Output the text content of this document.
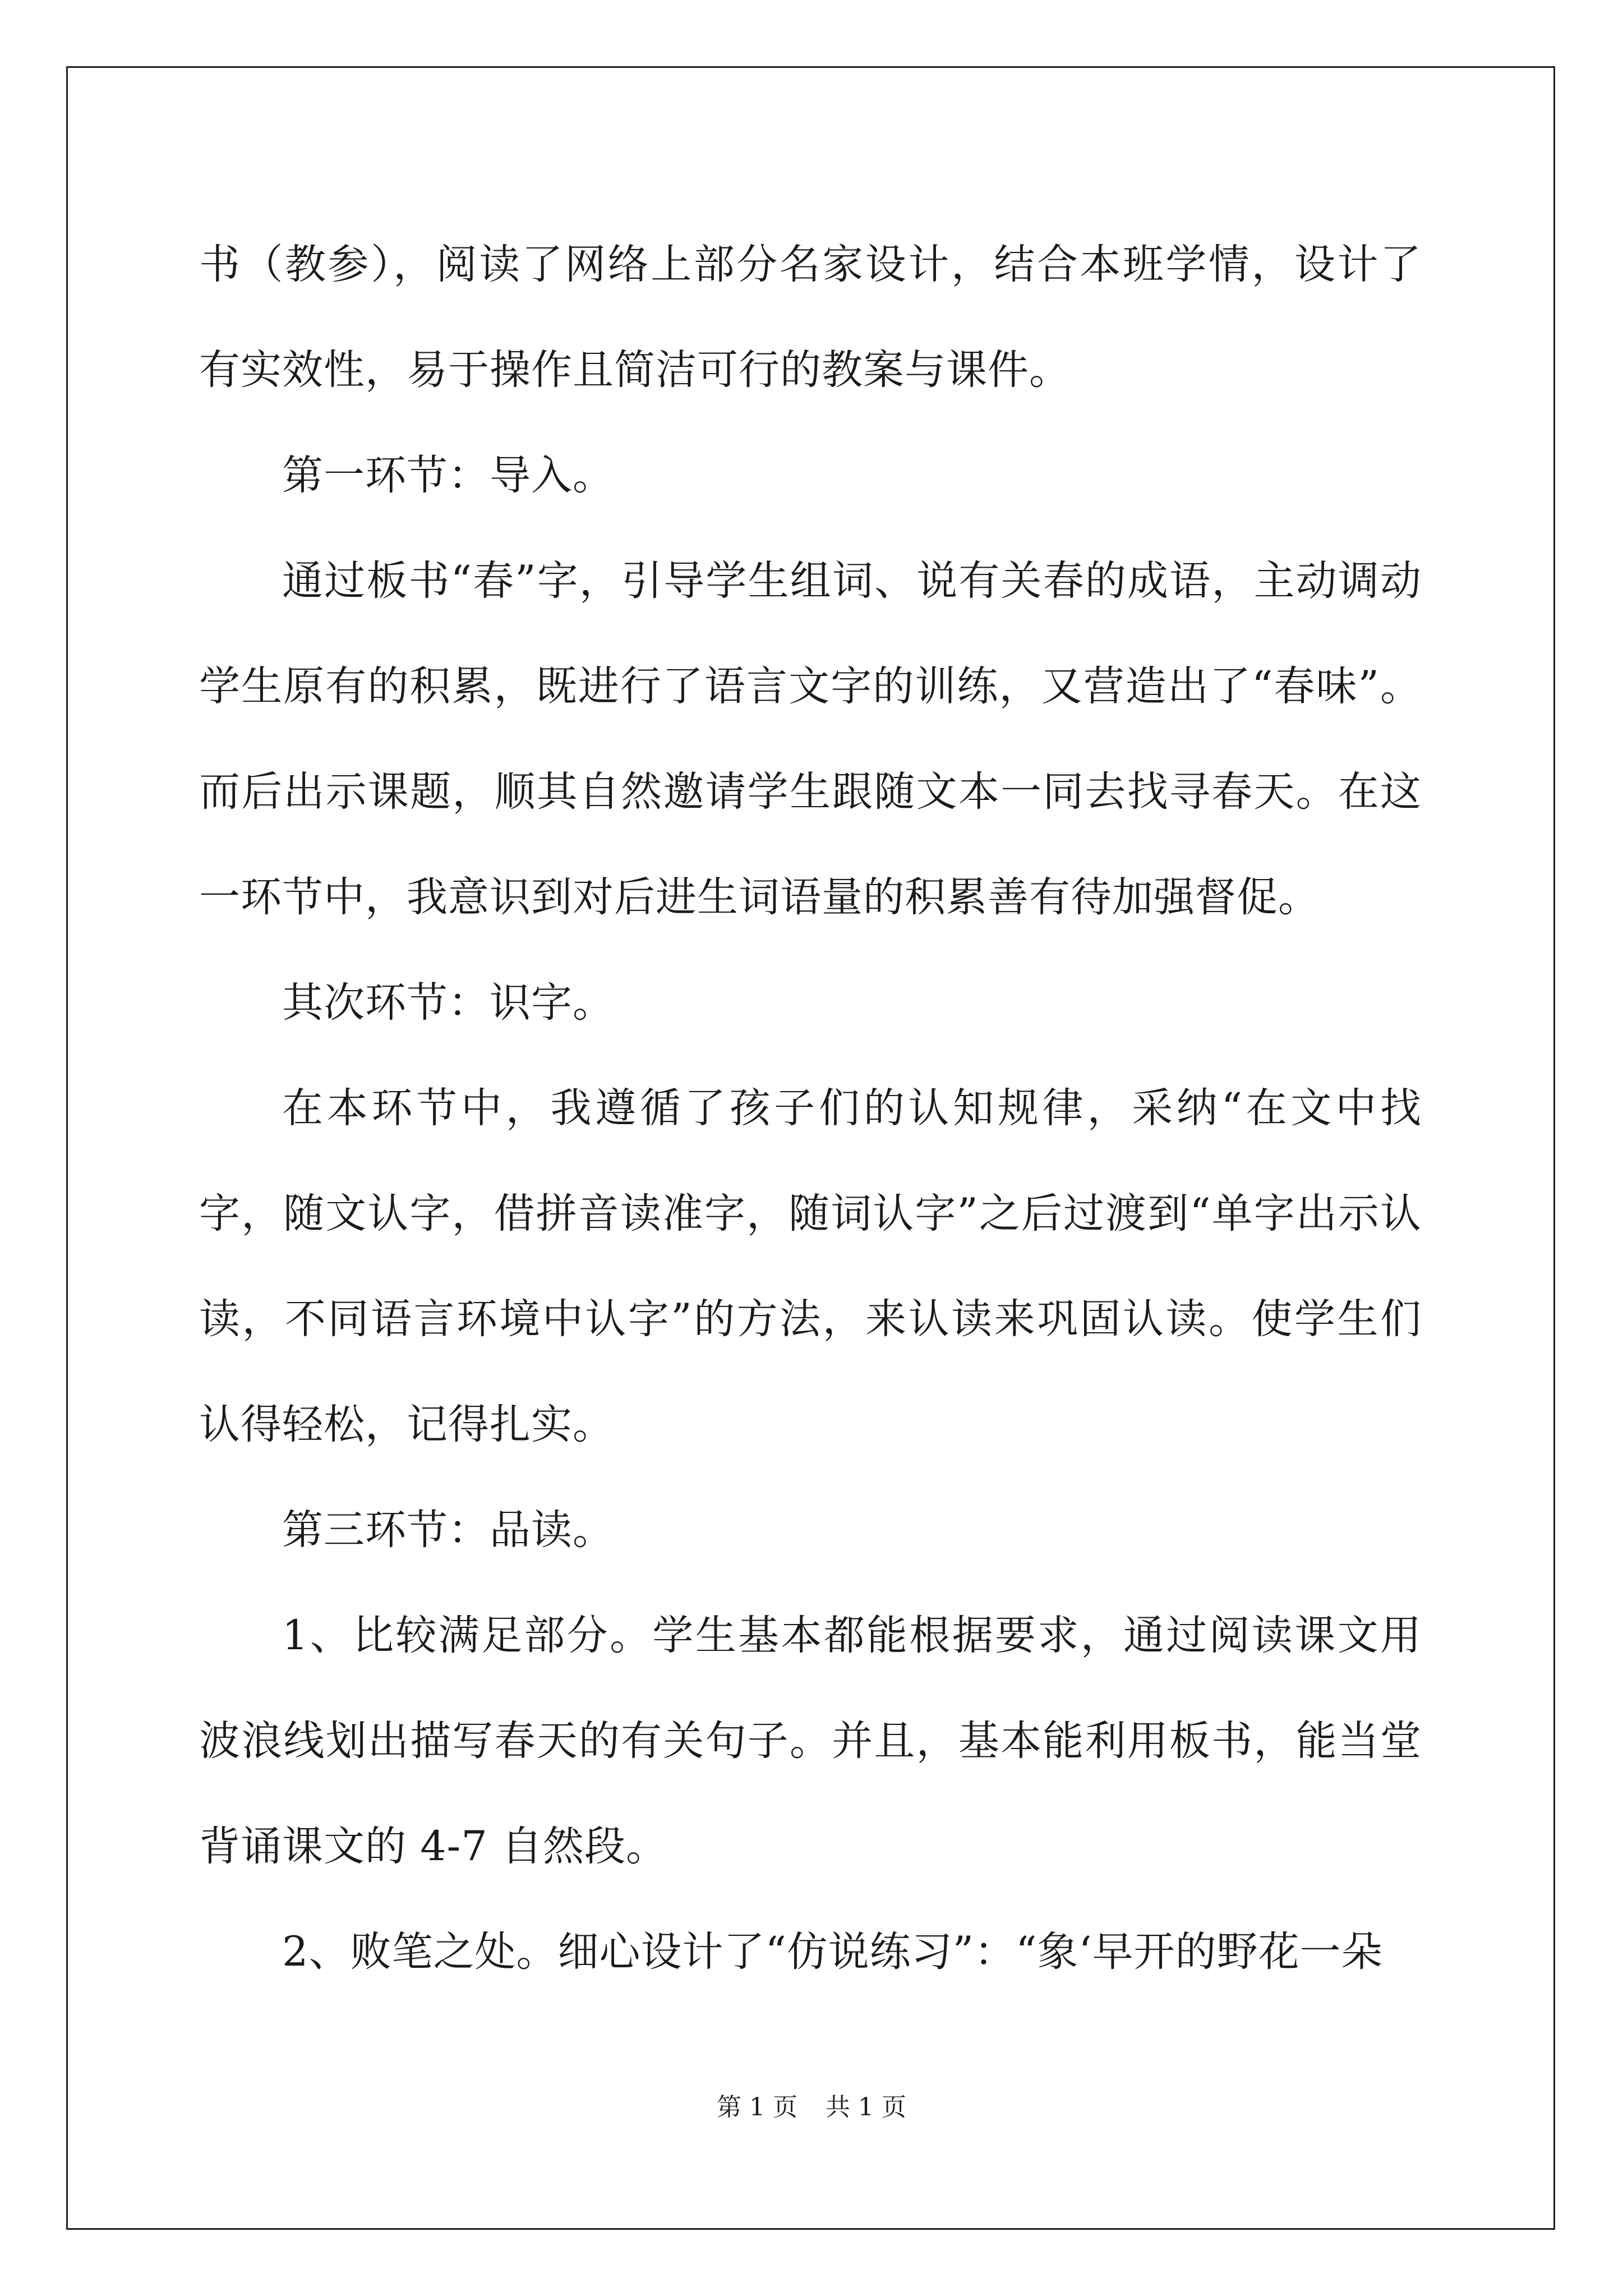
书（教参），阅读了网络上部分名家设计，结合本班学情，设计了有实效性，易于操作且简洁可行的教案与课件。

第一环节：导入。

通过板书“春”字，引导学生组词、说有关春的成语，主动调动学生原有的积累，既进行了语言文字的训练，又营造出了“春味”。而后出示课题，顺其自然邀请学生跟随文本一同去找寻春天。在这一环节中，我意识到对后进生词语量的积累善有待加强督促。

其次环节：识字。

在本环节中，我遵循了孩子们的认知规律，采纳“在文中找字，随文认字，借拼音读准字，随词认字”之后过渡到“单字出示认读，不同语言环境中认字”的方法，来认读来巩固认读。使学生们认得轻松，记得扎实。

第三环节：品读。

1、比较满足部分。学生基本都能根据要求，通过阅读课文用波浪线划出描写春天的有关句子。并且，基本能利用板书，能当堂背诵课文的 4-7 自然段。

2、败笔之处。细心设计了“仿说练习”：“象‘早开的野花一朵

第 1 页 共 1 页
